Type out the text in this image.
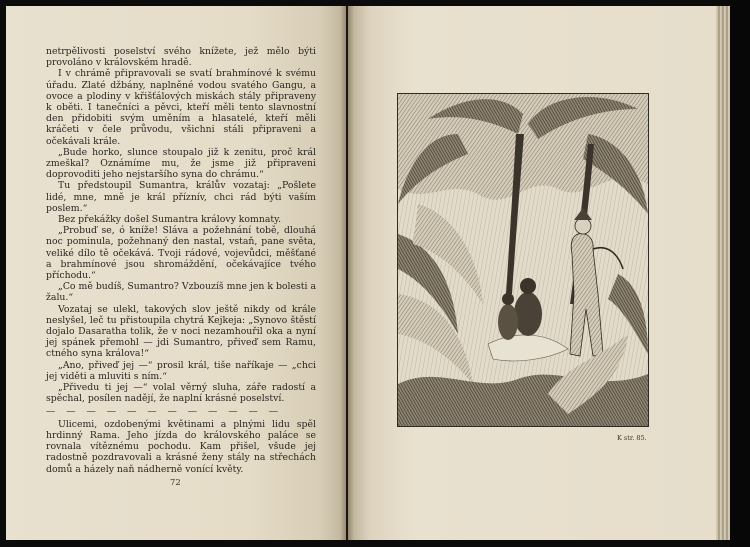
netrpělivosti poselství svého knížete, jež mělo býti provoláno v královském hradě.

I v chrámě připravovali se svatí brahmínové k svému úřadu. Zlaté džbány, naplněné vodou svatého Gangu, a ovoce a plodiny v křišťálových miskách stály připraveny k oběti. I tanečníci a pěvci, kteří měli tento slavnostní den přidobiti svým uměním a hlasatelé, kteří měli kráčeti v čele průvodu, všichni stáli připraveni a očekávali krále.

„Bude horko, slunce stoupalo již k zenitu, proč král zmeškal? Oznámíme mu, že jsme již připraveni doprovoditi jeho nejstaršího syna do chrámu.“

Tu předstoupil Sumantra, králův vozataj: „Pošlete lidé, mne, mně je král příznív, chci rád býti vaším poslem.“

Bez překážky došel Sumantra královy komnaty.

„Probuď se, ó kníže! Sláva a požehnání tobě, dlouhá noc pominula, požehnaný den nastal, vstaň, pane světa, veliké dílo tě očekává. Tvoji rádové, vojevůdci, měšťané a brahmínové jsou shromáždění, očekávajíce tvého příchodu.“

„Co mě budíš, Sumantro? Vzbouzíš mne jen k bolesti a žalu.“

Vozataj se ulekl, takových slov ještě nikdy od krále neslyšel, leč tu přistoupila chytrá Kejkeja: „Synovo štěstí dojalo Dasaratha tolik, že v noci nezamhouřil oka a nyní jej spánek přemohl — jdi Sumantro, přiveď sem Ramu, ctného syna králova!“

„Ano, přiveď jej —“ prosil král, tiše naříkaje — „chci jej viděti a mluviti s ním.“

„Přivedu ti jej —“ volal věrný sluha, záře radostí a spěchal, posílen nadějí, že naplní krásné poselství.

— — — — — — — — — — — —

Ulicemi, ozdobenými květinami a plnými lidu spěl hrdinný Rama. Jeho jízda do královského paláce se rovnala vítěznému pochodu. Kam přišel, všude jej radostně pozdravovali a krásné ženy stály na střechách domů a házely naň nádherně vonící květy.

72
K str. 85.
